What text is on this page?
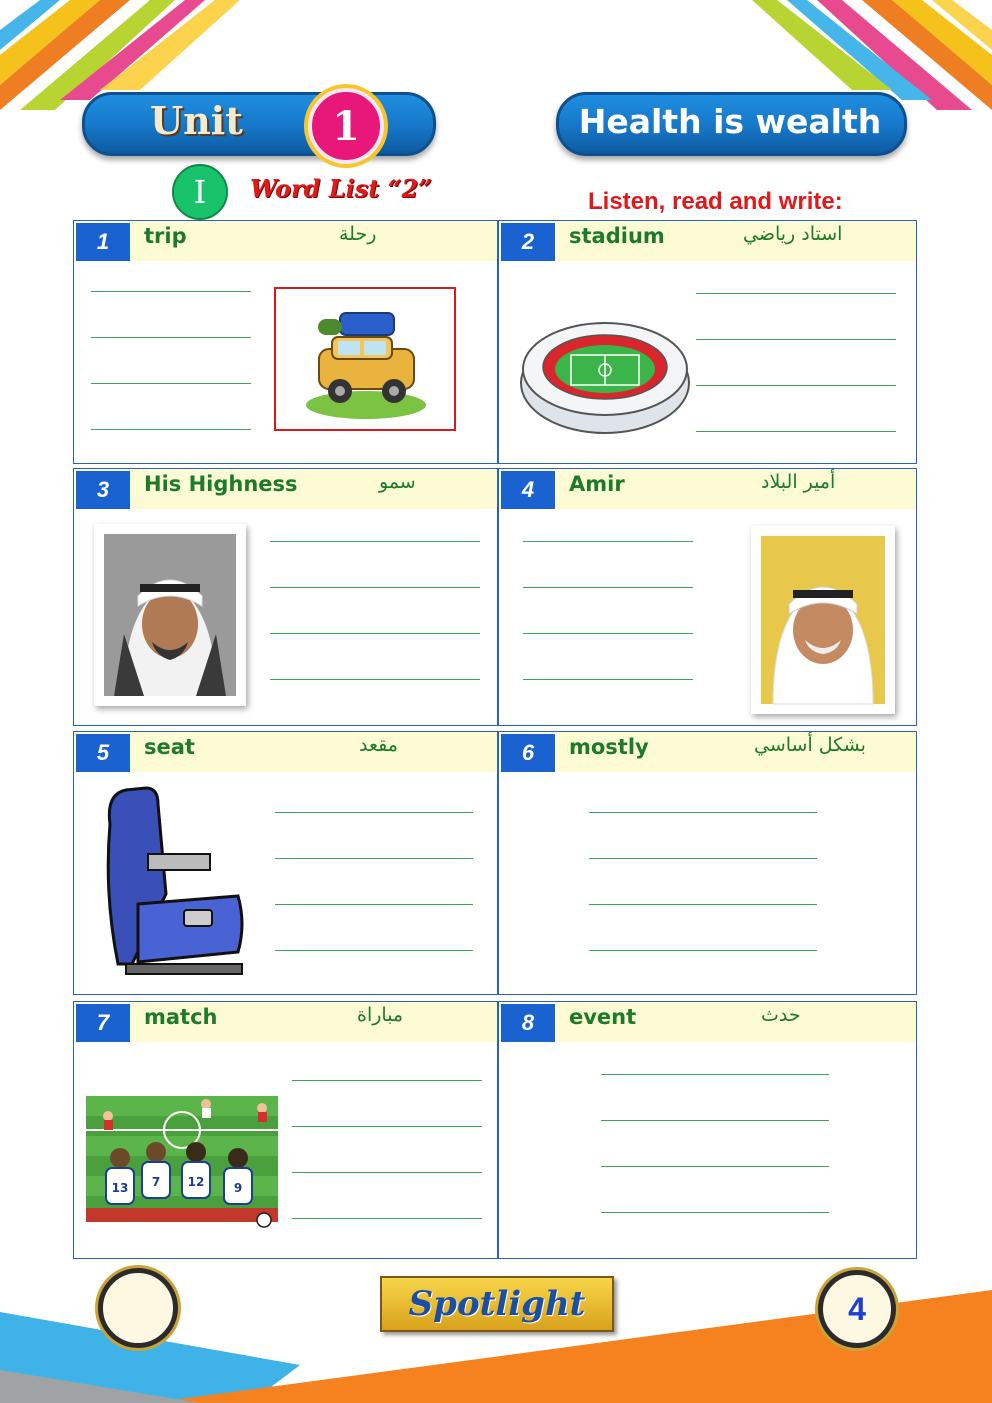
Unit	1	Health is wealth
I	Word List “2”	Listen, read and write:
1	trip	رحلة	2	stadium	استاد رياضي
3	His Highness	سمو	4	Amir	أمير البلاد
5	seat	مقعد	6	mostly	بشكل أساسي
7	match	مباراة
13 7 12 9
8	event	حدث
Spotlight	4
